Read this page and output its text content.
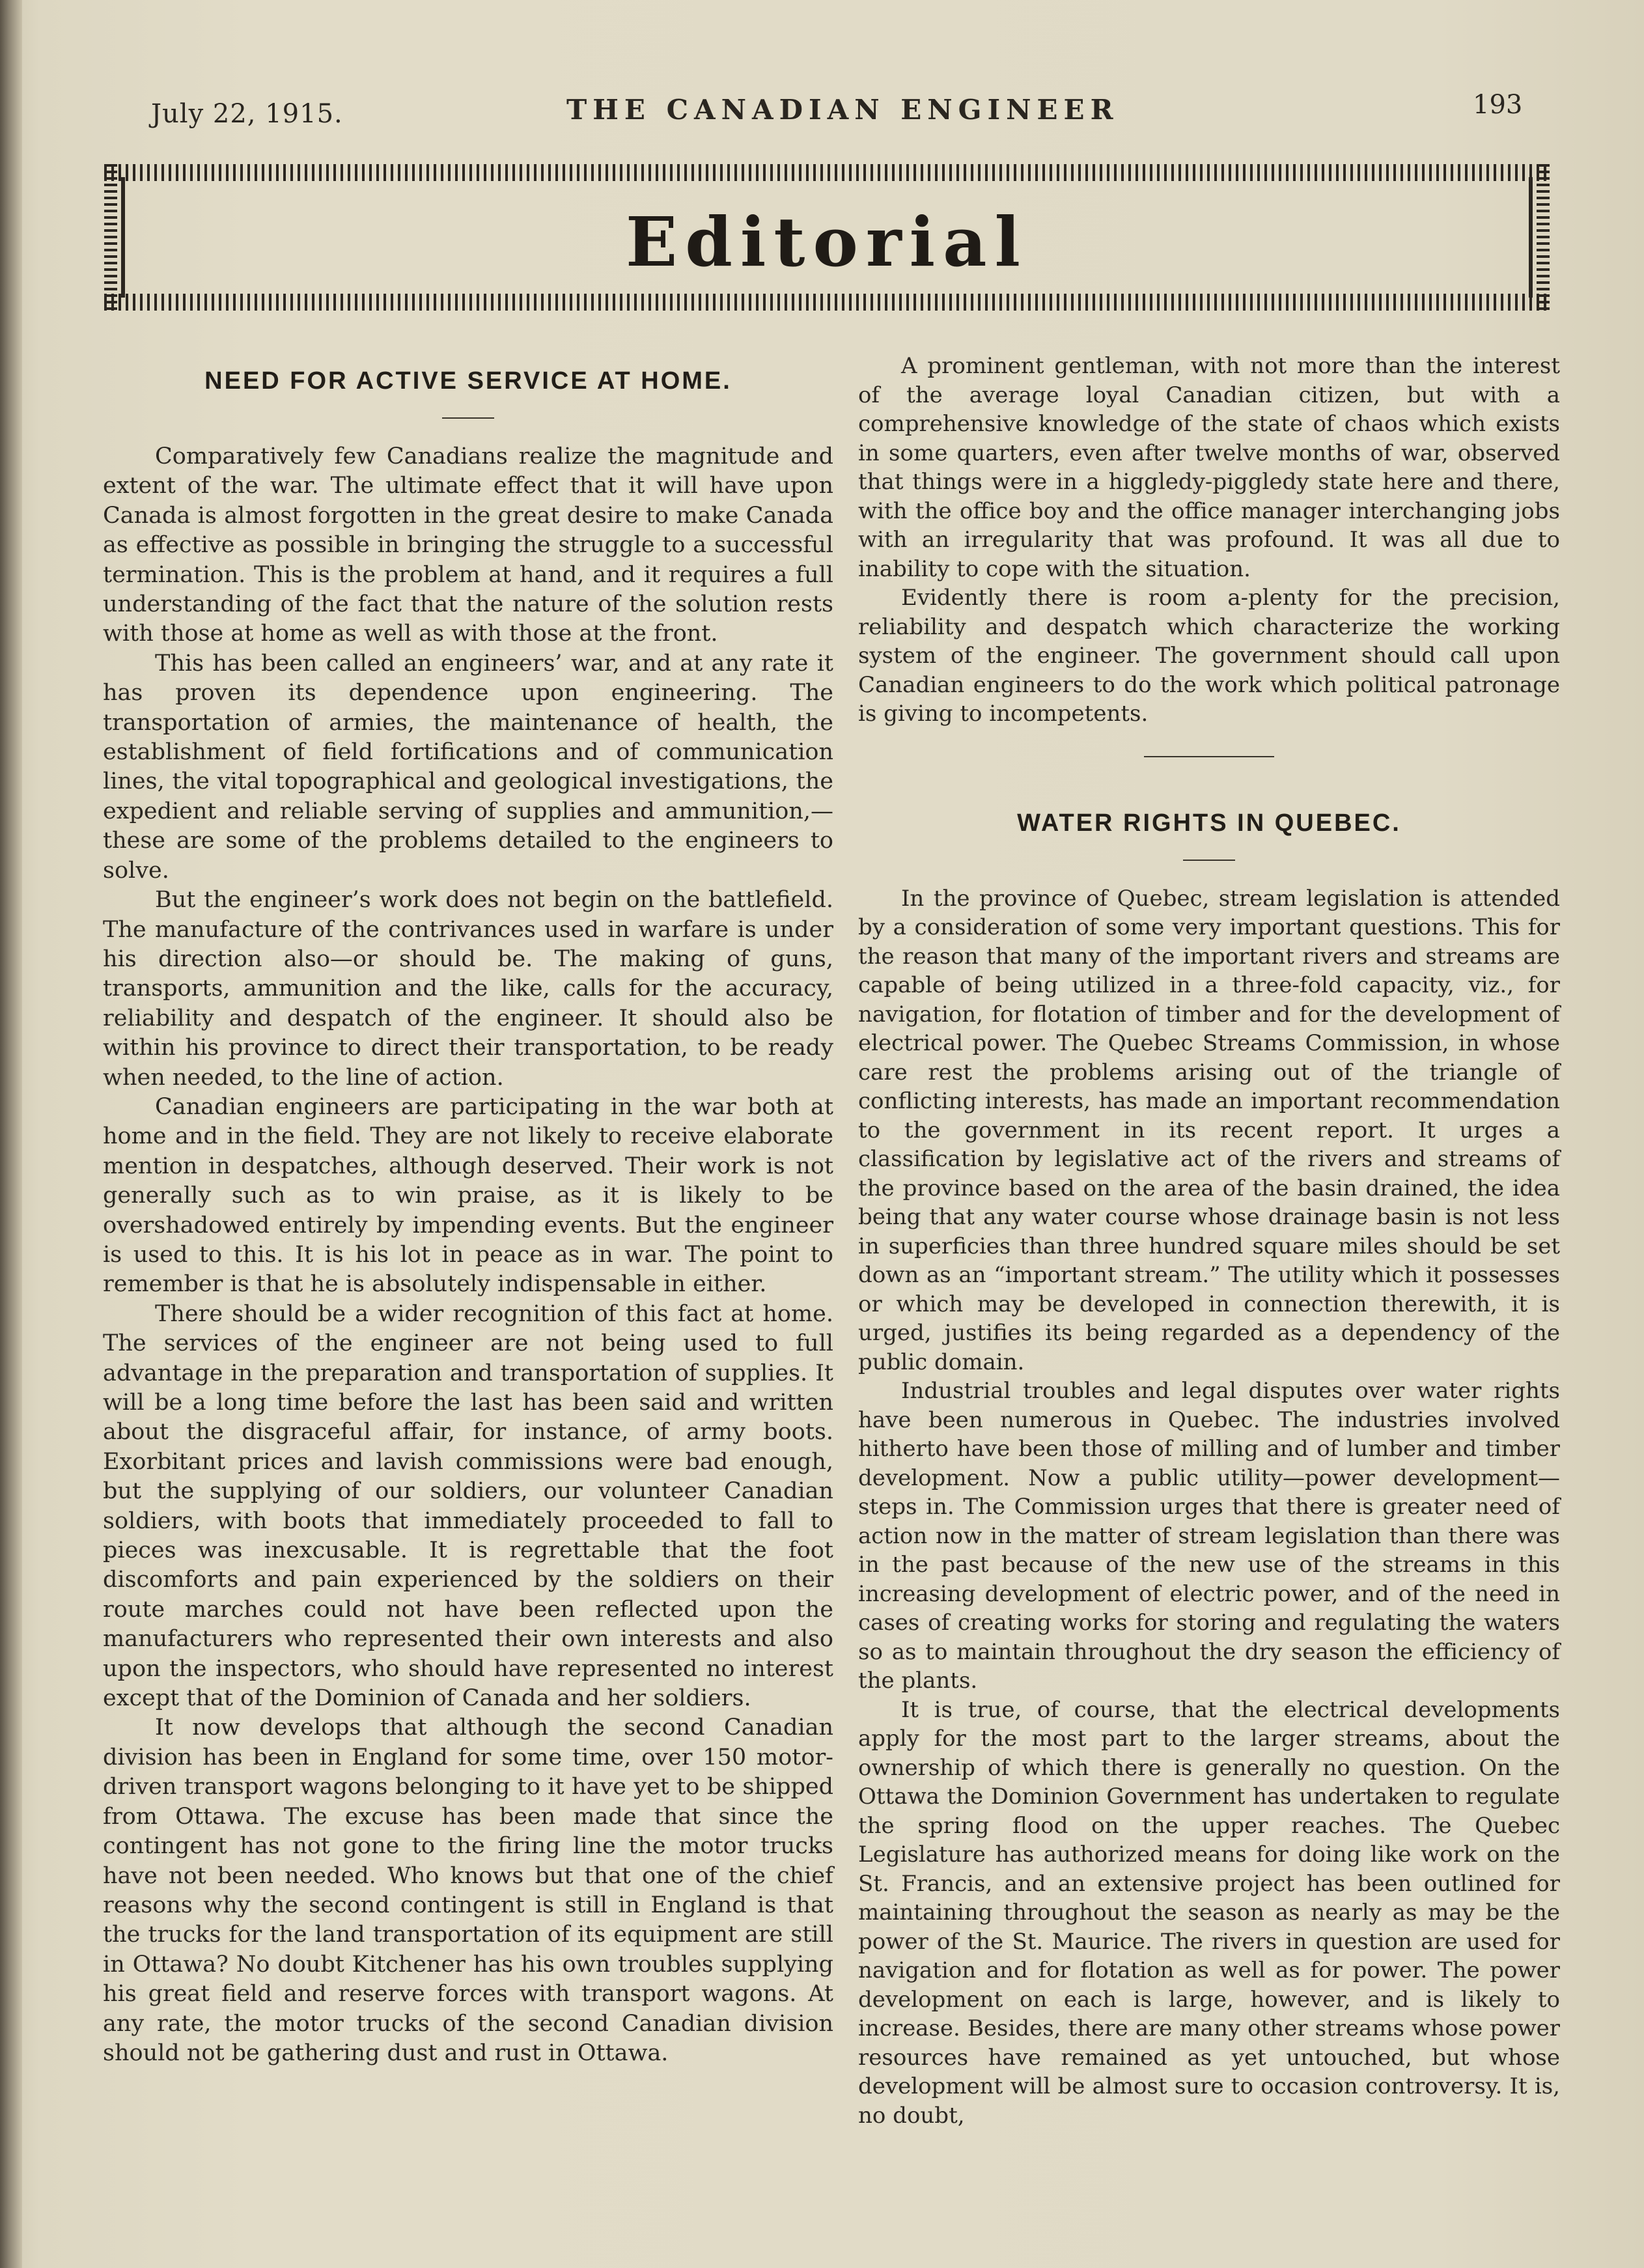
July 22, 1915.	THE CANADIAN ENGINEER	193
Editorial
NEED FOR ACTIVE SERVICE AT HOME.

Comparatively few Canadians realize the magnitude and extent of the war. The ultimate effect that it will have upon Canada is almost forgotten in the great desire to make Canada as effective as possible in bringing the struggle to a successful termination. This is the problem at hand, and it requires a full understanding of the fact that the nature of the solution rests with those at home as well as with those at the front.

This has been called an engineers’ war, and at any rate it has proven its dependence upon engineering. The transportation of armies, the maintenance of health, the establishment of field fortifications and of communication lines, the vital topographical and geological investigations, the expedient and reliable serving of supplies and ammunition,—these are some of the problems detailed to the engineers to solve.

But the engineer’s work does not begin on the battlefield. The manufacture of the contrivances used in warfare is under his direction also—or should be. The making of guns, transports, ammunition and the like, calls for the accuracy, reliability and despatch of the engineer. It should also be within his province to direct their transportation, to be ready when needed, to the line of action.

Canadian engineers are participating in the war both at home and in the field. They are not likely to receive elaborate mention in despatches, although deserved. Their work is not generally such as to win praise, as it is likely to be overshadowed entirely by impending events. But the engineer is used to this. It is his lot in peace as in war. The point to remember is that he is absolutely indispensable in either.

There should be a wider recognition of this fact at home. The services of the engineer are not being used to full advantage in the preparation and transportation of supplies. It will be a long time before the last has been said and written about the disgraceful affair, for instance, of army boots. Exorbitant prices and lavish commissions were bad enough, but the supplying of our soldiers, our volunteer Canadian soldiers, with boots that immediately proceeded to fall to pieces was inexcusable. It is regrettable that the foot discomforts and pain experienced by the soldiers on their route marches could not have been reflected upon the manufacturers who represented their own interests and also upon the inspectors, who should have represented no interest except that of the Dominion of Canada and her soldiers.

It now develops that although the second Canadian division has been in England for some time, over 150 motor-driven transport wagons belonging to it have yet to be shipped from Ottawa. The excuse has been made that since the contingent has not gone to the firing line the motor trucks have not been needed. Who knows but that one of the chief reasons why the second contingent is still in England is that the trucks for the land transportation of its equipment are still in Ottawa? No doubt Kitchener has his own troubles supplying his great field and reserve forces with transport wagons. At any rate, the motor trucks of the second Canadian division should not be gathering dust and rust in Ottawa.

A prominent gentleman, with not more than the interest of the average loyal Canadian citizen, but with a comprehensive knowledge of the state of chaos which exists in some quarters, even after twelve months of war, observed that things were in a higgledy-piggledy state here and there, with the office boy and the office manager interchanging jobs with an irregularity that was profound. It was all due to inability to cope with the situation.

Evidently there is room a-plenty for the precision, reliability and despatch which characterize the working system of the engineer. The government should call upon Canadian engineers to do the work which political patronage is giving to incompetents.

WATER RIGHTS IN QUEBEC.

In the province of Quebec, stream legislation is attended by a consideration of some very important questions. This for the reason that many of the important rivers and streams are capable of being utilized in a three-fold capacity, viz., for navigation, for flotation of timber and for the development of electrical power. The Quebec Streams Commission, in whose care rest the problems arising out of the triangle of conflicting interests, has made an important recommendation to the government in its recent report. It urges a classification by legislative act of the rivers and streams of the province based on the area of the basin drained, the idea being that any water course whose drainage basin is not less in superficies than three hundred square miles should be set down as an “important stream.” The utility which it possesses or which may be developed in connection therewith, it is urged, justifies its being regarded as a dependency of the public domain.

Industrial troubles and legal disputes over water rights have been numerous in Quebec. The industries involved hitherto have been those of milling and of lumber and timber development. Now a public utility—power development—steps in. The Commission urges that there is greater need of action now in the matter of stream legislation than there was in the past because of the new use of the streams in this increasing development of electric power, and of the need in cases of creating works for storing and regulating the waters so as to maintain throughout the dry season the efficiency of the plants.

It is true, of course, that the electrical developments apply for the most part to the larger streams, about the ownership of which there is generally no question. On the Ottawa the Dominion Government has undertaken to regulate the spring flood on the upper reaches. The Quebec Legislature has authorized means for doing like work on the St. Francis, and an extensive project has been outlined for maintaining throughout the season as nearly as may be the power of the St. Maurice. The rivers in question are used for navigation and for flotation as well as for power. The power development on each is large, however, and is likely to increase. Besides, there are many other streams whose power resources have remained as yet untouched, but whose development will be almost sure to occasion controversy. It is, no doubt,
